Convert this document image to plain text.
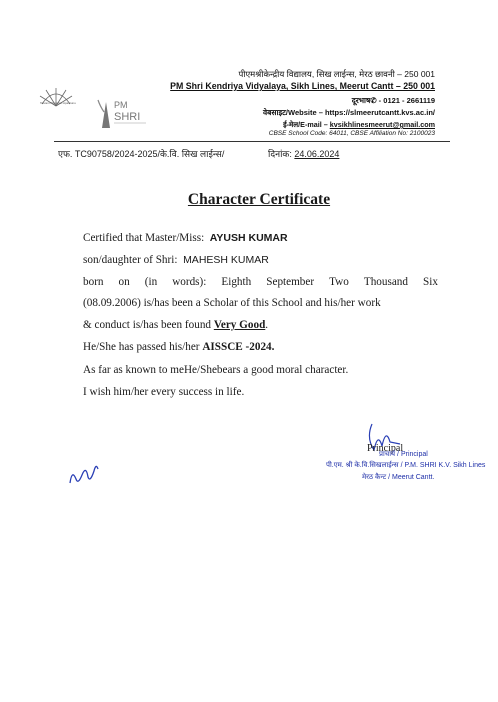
Tatvam Pooshan Apavrunu	PM
SHRI
पीएमश्रीकेन्द्रीय विद्यालय, सिख लाईन्स, मेरठ छावनी – 250 001
PM Shri Kendriya Vidyalaya, Sikh Lines, Meerut Cantt – 250 001
दूरभाष✆ - 0121 - 2661119
वेबसाइट/Website – https://slmeerutcantt.kvs.ac.in/
ई-मेल/E-mail – kvsikhlinesmeerut@gmail.com
CBSE School Code: 64011, CBSE Affiliation No: 2100023
एफ. TC90758/2024-2025/के.वि. सिख लाईन्स/	दिनांक: 24.06.2024
Character Certificate
Certified that Master/Miss: AYUSH KUMAR
son/daughter of Shri: MAHESH KUMAR
born on (in words): Eighth September Two Thousand Six
(08.09.2006) is/has been a Scholar of this School and his/her work
& conduct is/has been found Very Good.
He/She has passed his/her AISSCE -2024.
As far as known to meHe/Shebears a good moral character.
I wish him/her every success in life.
Principal
प्राचार्य / Principal
पी.एम. श्री के.वि.सिखलाईन्स / P.M. SHRI K.V. Sikh Lines
मेरठ कैन्ट / Meerut Cantt.
